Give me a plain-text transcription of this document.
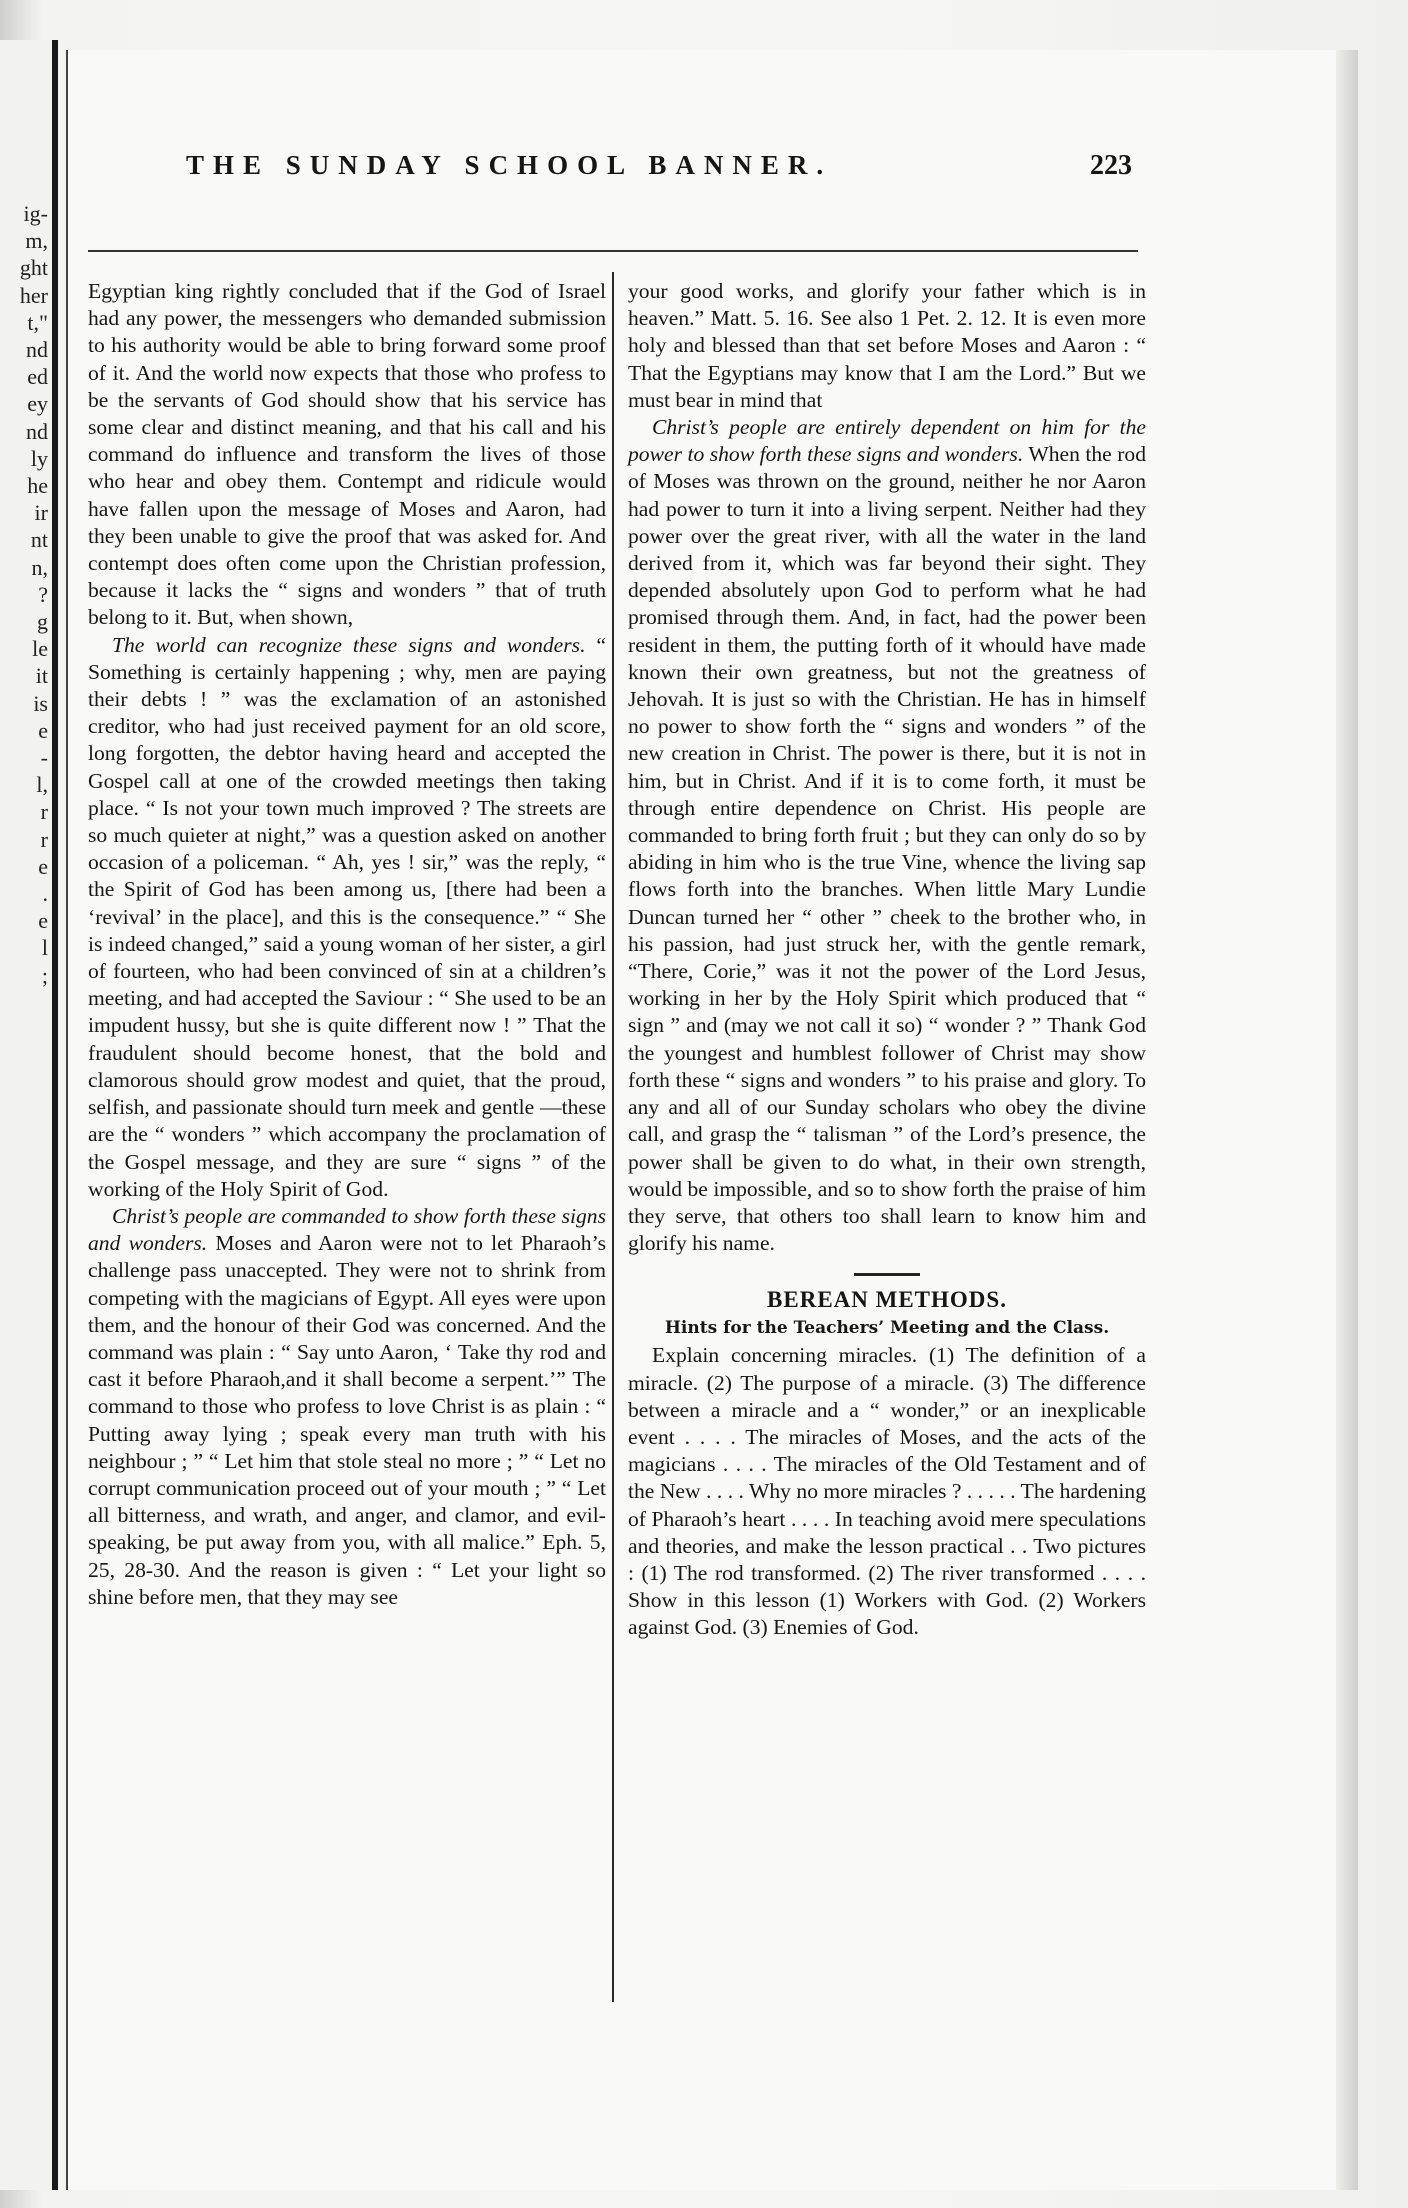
ig-
m,
ght
her
t,"
nd
ed
ey
nd
ly
he
ir
nt
n,
?
g
le
it
is
e
-
l,
r
r
e
.
e
l
;
THE SUNDAY SCHOOL BANNER.	223

Egyptian king rightly concluded that if the God of Israel had any power, the messengers who demanded submission to his authority would be able to bring forward some proof of it. And the world now expects that those who profess to be the servants of God should show that his service has some clear and distinct meaning, and that his call and his command do influence and transform the lives of those who hear and obey them. Contempt and ridicule would have fallen upon the message of Moses and Aaron, had they been unable to give the proof that was asked for. And contempt does often come upon the Christian profession, because it lacks the “ signs and wonders ” that of truth belong to it. But, when shown,

The world can recognize these signs and wonders. “ Something is certainly happening ; why, men are paying their debts ! ” was the exclamation of an astonished creditor, who had just received payment for an old score, long forgotten, the debtor having heard and accepted the Gospel call at one of the crowded meetings then taking place. “ Is not your town much improved ? The streets are so much quieter at night,” was a question asked on another occasion of a policeman. “ Ah, yes ! sir,” was the reply, “ the Spirit of God has been among us, [there had been a ‘revival’ in the place], and this is the consequence.” “ She is indeed changed,” said a young woman of her sister, a girl of fourteen, who had been convinced of sin at a children’s meeting, and had accepted the Saviour : “ She used to be an impudent hussy, but she is quite different now ! ” That the fraudulent should become honest, that the bold and clamorous should grow modest and quiet, that the proud, selfish, and passionate should turn meek and gentle —these are the “ wonders ” which accompany the proclamation of the Gospel message, and they are sure “ signs ” of the working of the Holy Spirit of God.

Christ’s people are commanded to show forth these signs and wonders. Moses and Aaron were not to let Pharaoh’s challenge pass unaccepted. They were not to shrink from competing with the magicians of Egypt. All eyes were upon them, and the honour of their God was concerned. And the command was plain : “ Say unto Aaron, ‘ Take thy rod and cast it before Pharaoh,and it shall become a serpent.’” The command to those who profess to love Christ is as plain : “ Putting away lying ; speak every man truth with his neighbour ; ” “ Let him that stole steal no more ; ” “ Let no corrupt communication proceed out of your mouth ; ” “ Let all bitterness, and wrath, and anger, and clamor, and evil-speaking, be put away from you, with all malice.” Eph. 5, 25, 28-30. And the reason is given : “ Let your light so shine before men, that they may see

your good works, and glorify your father which is in heaven.” Matt. 5. 16. See also 1 Pet. 2. 12. It is even more holy and blessed than that set before Moses and Aaron : “ That the Egyptians may know that I am the Lord.” But we must bear in mind that

Christ’s people are entirely dependent on him for the power to show forth these signs and wonders. When the rod of Moses was thrown on the ground, neither he nor Aaron had power to turn it into a living serpent. Neither had they power over the great river, with all the water in the land derived from it, which was far beyond their sight. They depended absolutely upon God to perform what he had promised through them. And, in fact, had the power been resident in them, the putting forth of it whould have made known their own greatness, but not the greatness of Jehovah. It is just so with the Christian. He has in himself no power to show forth the “ signs and wonders ” of the new creation in Christ. The power is there, but it is not in him, but in Christ. And if it is to come forth, it must be through entire dependence on Christ. His people are commanded to bring forth fruit ; but they can only do so by abiding in him who is the true Vine, whence the living sap flows forth into the branches. When little Mary Lundie Duncan turned her “ other ” cheek to the brother who, in his passion, had just struck her, with the gentle remark, “There, Corie,” was it not the power of the Lord Jesus, working in her by the Holy Spirit which produced that “ sign ” and (may we not call it so) “ wonder ? ” Thank God the youngest and humblest follower of Christ may show forth these “ signs and wonders ” to his praise and glory. To any and all of our Sunday scholars who obey the divine call, and grasp the “ talisman ” of the Lord’s presence, the power shall be given to do what, in their own strength, would be impossible, and so to show forth the praise of him they serve, that others too shall learn to know him and glorify his name.

BEREAN METHODS.
Hints for the Teachers’ Meeting and the Class.

Explain concerning miracles. (1) The definition of a miracle. (2) The purpose of a miracle. (3) The difference between a miracle and a “ wonder,” or an inexplicable event . . . . The miracles of Moses, and the acts of the magicians . . . . The miracles of the Old Testament and of the New . . . . Why no more miracles ? . . . . . The hardening of Pharaoh’s heart . . . . In teaching avoid mere speculations and theories, and make the lesson practical . . Two pictures : (1) The rod transformed. (2) The river transformed . . . . Show in this lesson (1) Workers with God. (2) Workers against God. (3) Enemies of God.
